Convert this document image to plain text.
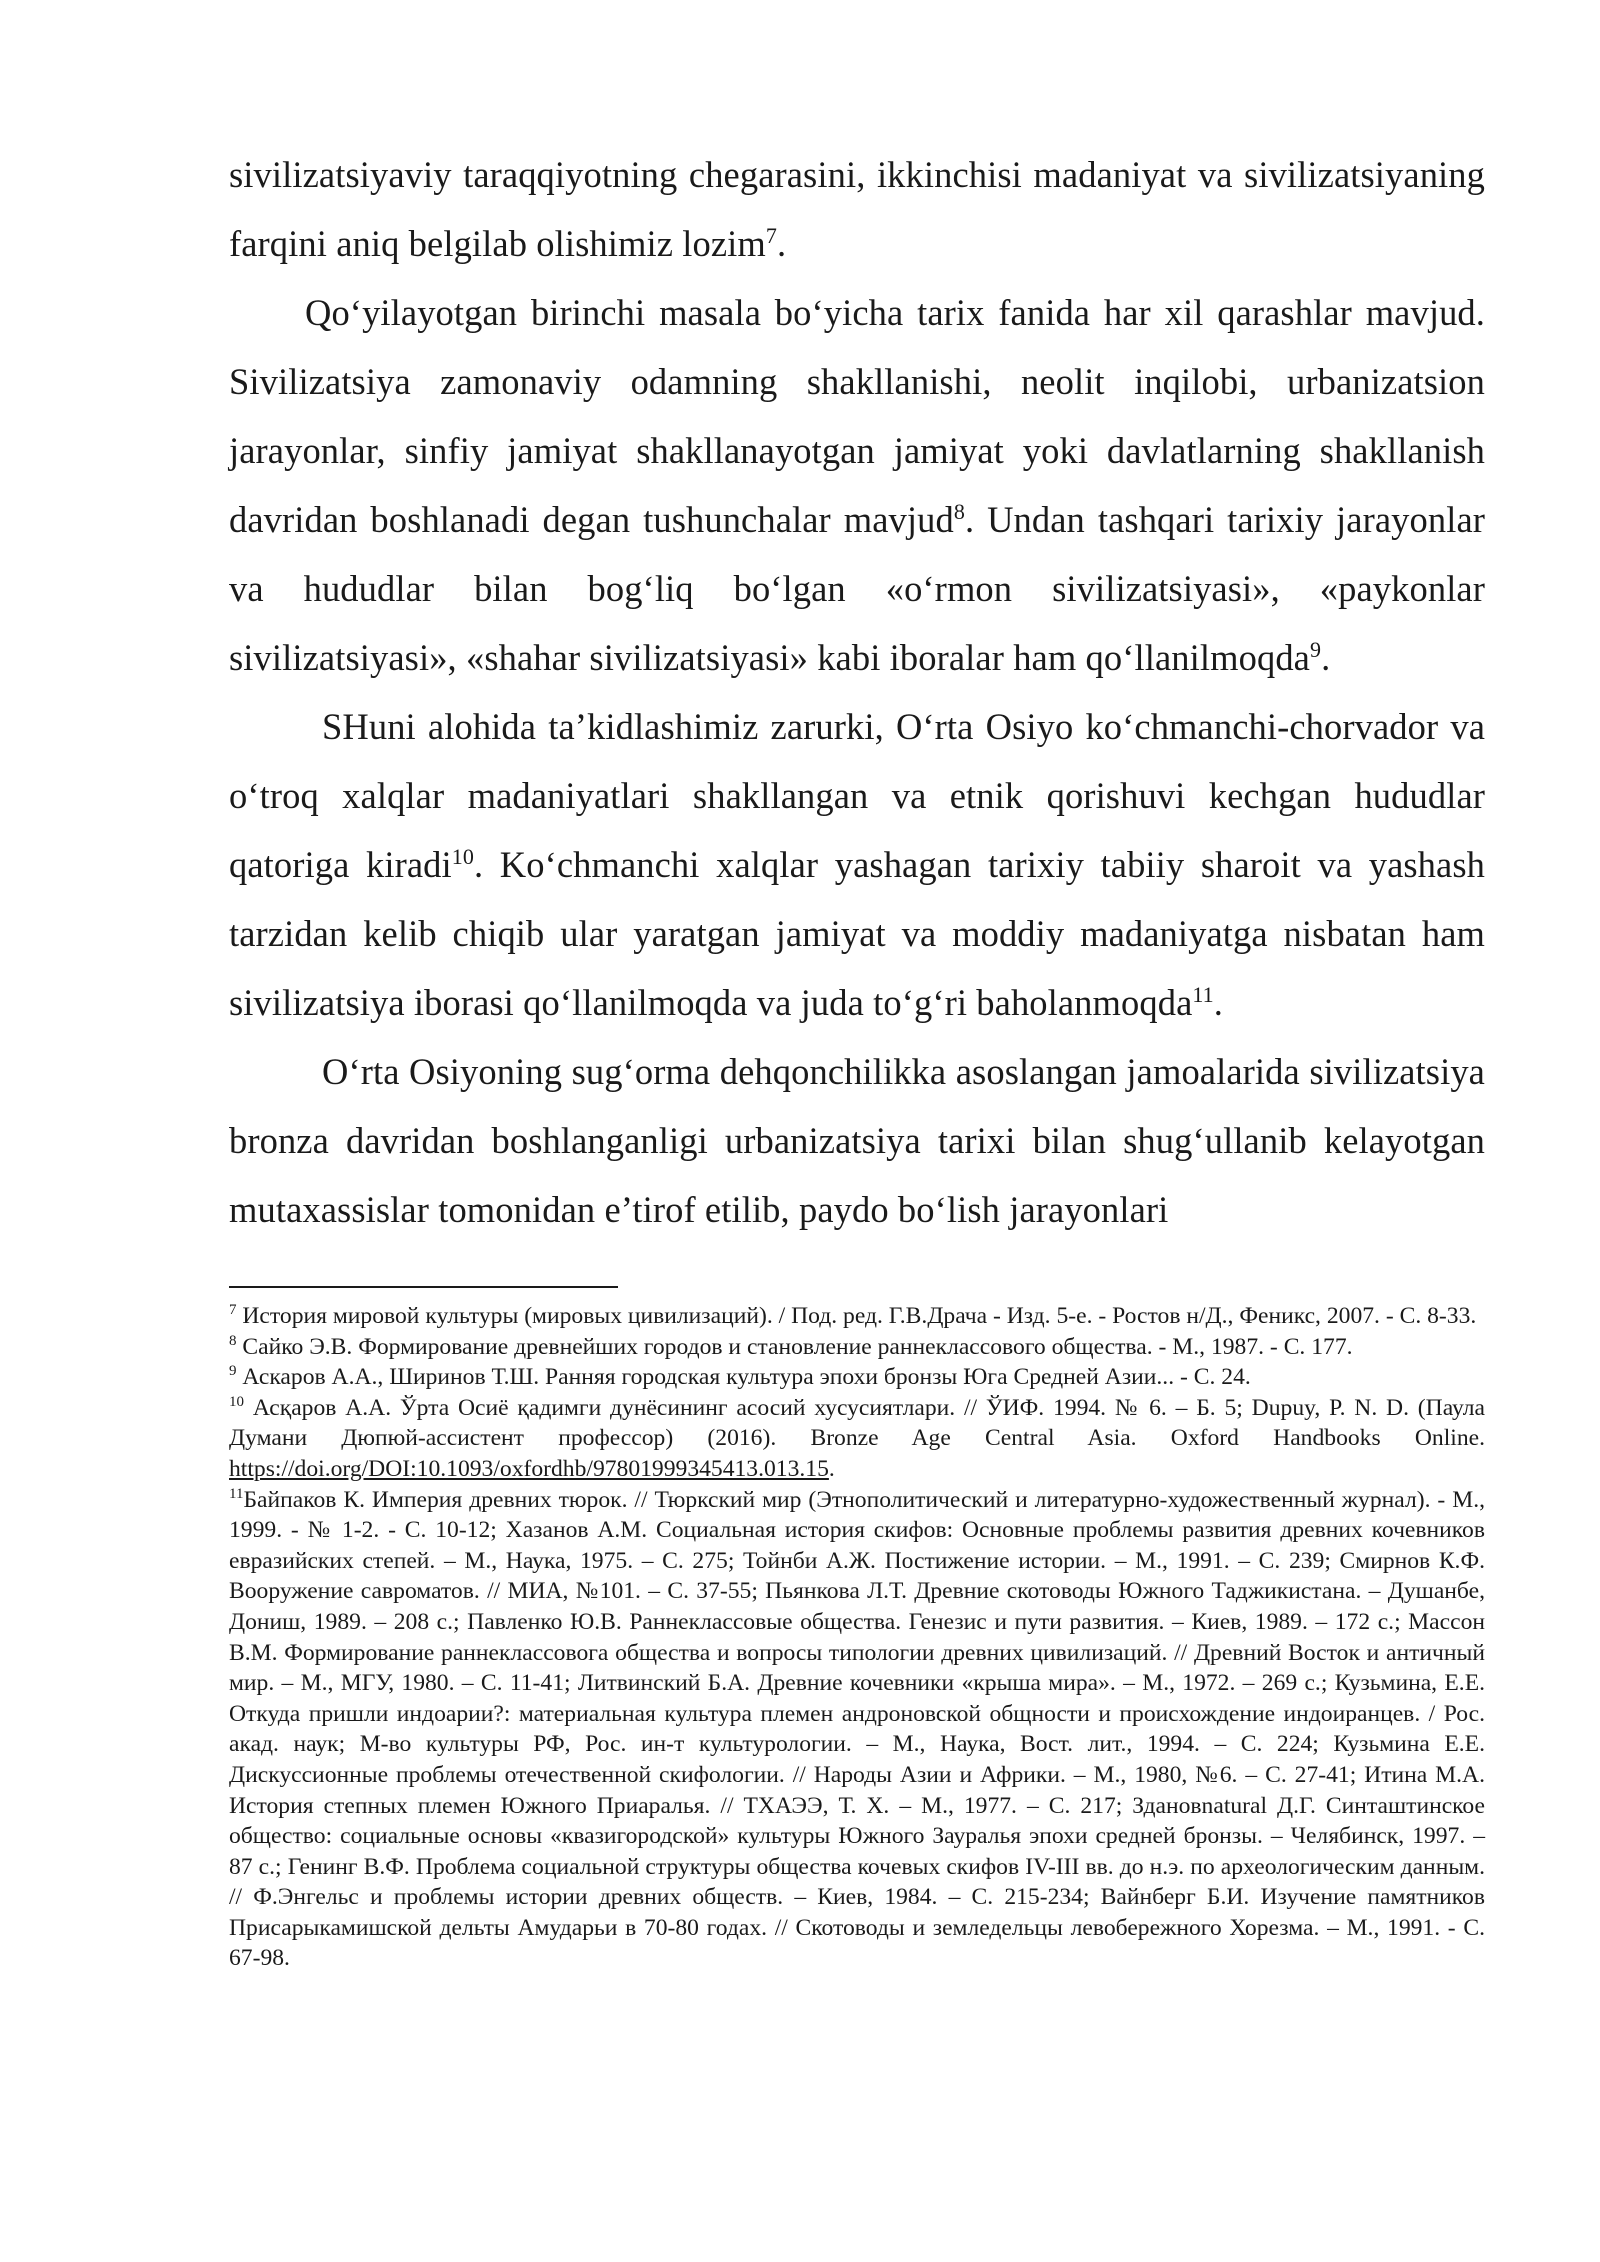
sivilizatsiyaviy taraqqiyotning chegarasini, ikkinchisi madaniyat va sivilizatsiyaning farqini aniq belgilab olishimiz lozim$^7$.

Qo‘yilayotgan birinchi masala bo‘yicha tarix fanida har xil qarashlar mavjud. Sivilizatsiya zamonaviy odamning shakllanishi, neolit inqilobi, urbanizatsion jarayonlar, sinfiy jamiyat shakllanayotgan jamiyat yoki davlatlarning shakllanish davridan boshlanadi degan tushunchalar mavjud$^8$. Undan tashqari tarixiy jarayonlar va hududlar bilan bog‘liq bo‘lgan «o‘rmon sivilizatsiyasi», «paykonlar sivilizatsiyasi», «shahar sivilizatsiyasi» kabi iboralar ham qo‘llanilmoqda$^9$.

SHuni alohida ta’kidlashimiz zarurki, O‘rta Osiyo ko‘chmanchi-chorvador va o‘troq xalqlar madaniyatlari shakllangan va etnik qorishuvi kechgan hududlar qatoriga kiradi$^{10}$. Ko‘chmanchi xalqlar yashagan tarixiy tabiiy sharoit va yashash tarzidan kelib chiqib ular yaratgan jamiyat va moddiy madaniyatga nisbatan ham sivilizatsiya iborasi qo‘llanilmoqda va juda to‘g‘ri baholanmoqda$^{11}$.

O‘rta Osiyoning sug‘orma dehqonchilikka asoslangan jamoalarida sivilizatsiya bronza davridan boshlanganligi urbanizatsiya tarixi bilan shug‘ullanib kelayotgan mutaxassislar tomonidan e’tirof etilib, paydo bo‘lish jarayonlari

$^7$ История мировой культуры (мировых цивилизаций). / Под. ред. Г.В.Драча - Изд. 5-е. - Ростов н/Д., Феникс, 2007. - С. 8-33.

$^8$ Сайко Э.В. Формирование древнейших городов и становление раннеклассового общества. - М., 1987. - С. 177.

$^9$ Аскаров А.А., Ширинов Т.Ш. Ранняя городская культура эпохи бронзы Юга Средней Азии... - С. 24.

$^{10}$ Асқаров А.А. Ўрта Осиё қадимги дунёсининг асосий хусусиятлари. // ЎИФ. 1994. № 6. – Б. 5; Dupuy, P. N. D. (Паула Думани Дюпюй-ассистент профессор) (2016). Bronze Age Central Asia. Oxford Handbooks Online. https://doi.org/DOI:10.1093/oxfordhb/97801999345413.013.15.

$^{11}$Байпаков К. Империя древних тюрок. // Тюркский мир (Этнополитический и литературно-художественный журнал). - М., 1999. - № 1-2. - С. 10-12; Хазанов А.М. Социальная история скифов: Основные проблемы развития древних кочевников евразийских степей. – М., Наука, 1975. – С. 275; Тойнби А.Ж. Постижение истории. – М., 1991. – С. 239; Смирнов К.Ф. Вооружение савроматов. // МИА, №101. – С. 37-55; Пьянкова Л.Т. Древние скотоводы Южного Таджикистана. – Душанбе, Дониш, 1989. – 208 с.; Павленко Ю.В. Раннеклассовые общества. Генезис и пути развития. – Киев, 1989. – 172 с.; Массон В.М. Формирование раннеклассовога общества и вопросы типологии древних цивилизаций. // Древний Восток и античный мир. – М., МГУ, 1980. – С. 11-41; Литвинский Б.А. Древние кочевники «крыша мира». – М., 1972. – 269 с.; Кузьмина, Е.Е. Откуда пришли индоарии?: материальная культура племен андроновской общности и происхождение индоиранцев. / Рос. акад. наук; М-во культуры РФ, Рос. ин-т культурологии. – М., Наука, Вост. лит., 1994. – С. 224; Кузьмина Е.Е. Дискуссионные проблемы отечественной скифологии. // Народы Азии и Африки. – М., 1980, №6. – С. 27-41; Итина М.А. История степных племен Южного Приаралья. // ТХАЭЭ, Т. Х. – М., 1977. – С. 217; Здановnatural Д.Г. Синташтинское общество: социальные основы «квазигородской» культуры Южного Зауралья эпохи средней бронзы. – Челябинск, 1997. – 87 с.; Генинг В.Ф. Проблема социальной структуры общества кочевых скифов IV-III вв. до н.э. по археологическим данным. // Ф.Энгельс и проблемы истории древних обществ. – Киев, 1984. – С. 215-234; Вайнберг Б.И. Изучение памятников Присарыкамишской дельты Амударьи в 70-80 годах. // Скотоводы и земледельцы левобережного Хорезма. – М., 1991. - С. 67-98.
